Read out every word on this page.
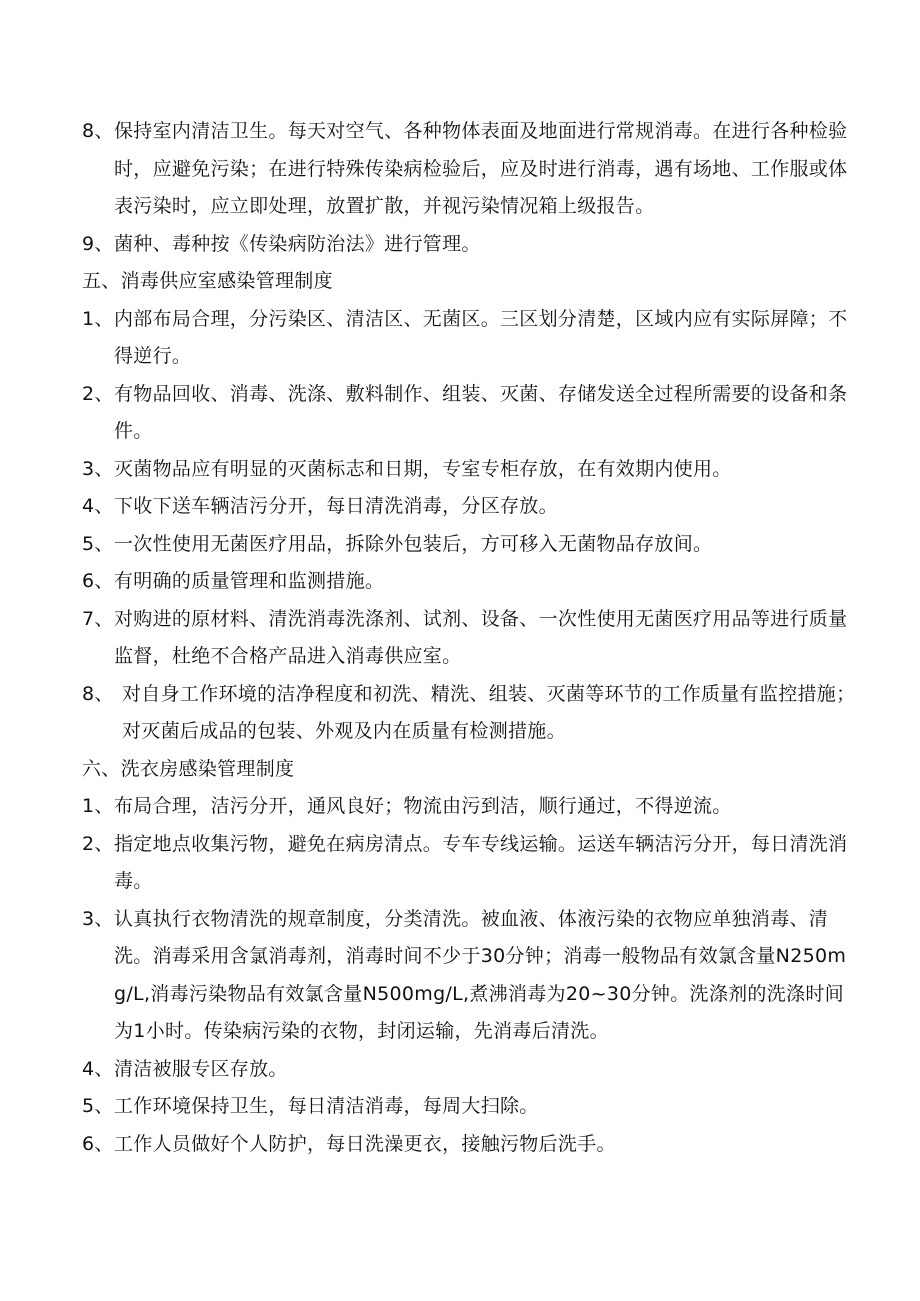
8、 保持室内清洁卫生。每天对空气、各种物体表面及地面进行常规消毒。在进行各种检验时，应避免污染；在进行特殊传染病检验后，应及时进行消毒，遇有场地、工作服或体表污染时，应立即处理，放置扩散，并视污染情况箱上级报告。
9、 菌种、毒种按《传染病防治法》进行管理。
五、消毒供应室感染管理制度
1、 内部布局合理，分污染区、清洁区、无菌区。三区划分清楚，区域内应有实际屏障；不得逆行。
2、 有物品回收、消毒、洗涤、敷料制作、组装、灭菌、存储发送全过程所需要的设备和条件。
3、 灭菌物品应有明显的灭菌标志和日期，专室专柜存放，在有效期内使用。
4、 下收下送车辆洁污分开，每日清洗消毒，分区存放。
5、 一次性使用无菌医疗用品，拆除外包装后，方可移入无菌物品存放间。
6、 有明确的质量管理和监测措施。
7、 对购进的原材料、清洗消毒洗涤剂、试剂、设备、一次性使用无菌医疗用品等进行质量监督，杜绝不合格产品进入消毒供应室。
8、 对自身工作环境的洁净程度和初洗、精洗、组装、灭菌等环节的工作质量有监控措施；对灭菌后成品的包装、外观及内在质量有检测措施。
六、洗衣房感染管理制度
1、 布局合理，洁污分开，通风良好；物流由污到洁，顺行通过，不得逆流。
2、 指定地点收集污物，避免在病房清点。专车专线运输。运送车辆洁污分开，每日清洗消毒。
3、 认真执行衣物清洗的规章制度，分类清洗。被血液、体液污染的衣物应单独消毒、清洗。消毒采用含氯消毒剂，消毒时间不少于30分钟；消毒一般物品有效氯含量N250mg/L,消毒污染物品有效氯含量N500mg/L,煮沸消毒为20~30分钟。洗涤剂的洗涤时间为1小时。传染病污染的衣物，封闭运输，先消毒后清洗。
4、 清洁被服专区存放。
5、 工作环境保持卫生，每日清洁消毒，每周大扫除。
6、 工作人员做好个人防护，每日洗澡更衣，接触污物后洗手。
